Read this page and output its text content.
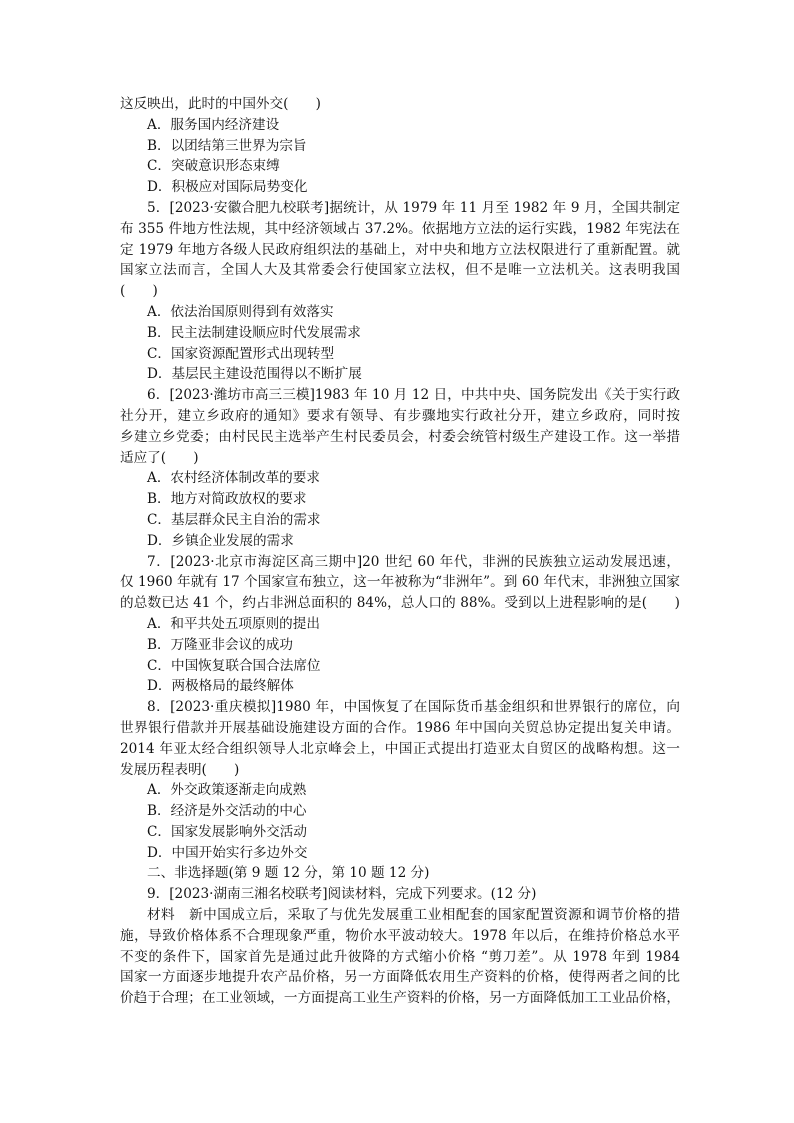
这反映出，此时的中国外交(　　)
A．服务国内经济建设
B．以团结第三世界为宗旨
C．突破意识形态束缚
D．积极应对国际局势变化
5．[2023·安徽合肥九校联考]据统计，从 1979 年 11 月至 1982 年 9 月，全国共制定
布 355 件地方性法规，其中经济领域占 37.2%。依据地方立法的运行实践，1982 年宪法在
定 1979 年地方各级人民政府组织法的基础上，对中央和地方立法权限进行了重新配置。就
国家立法而言，全国人大及其常委会行使国家立法权，但不是唯一立法机关。这表明我国
(　　)
A．依法治国原则得到有效落实
B．民主法制建设顺应时代发展需求
C．国家资源配置形式出现转型
D．基层民主建设范围得以不断扩展
6．[2023·潍坊市高三三模]1983 年 10 月 12 日，中共中央、国务院发出《关于实行政
社分开，建立乡政府的通知》要求有领导、有步骤地实行政社分开，建立乡政府，同时按
乡建立乡党委；由村民民主选举产生村民委员会，村委会统管村级生产建设工作。这一举措
适应了(　　)
A．农村经济体制改革的要求
B．地方对简政放权的要求
C．基层群众民主自治的需求
D．乡镇企业发展的需求
7．[2023·北京市海淀区高三期中]20 世纪 60 年代，非洲的民族独立运动发展迅速，
仅 1960 年就有 17 个国家宣布独立，这一年被称为“非洲年”。到 60 年代末，非洲独立国家
的总数已达 41 个，约占非洲总面积的 84%，总人口的 88%。受到以上进程影响的是(　　)
A．和平共处五项原则的提出
B．万隆亚非会议的成功
C．中国恢复联合国合法席位
D．两极格局的最终解体
8．[2023·重庆模拟]1980 年，中国恢复了在国际货币基金组织和世界银行的席位，向
世界银行借款并开展基础设施建设方面的合作。1986 年中国向关贸总协定提出复关申请。
2014 年亚太经合组织领导人北京峰会上，中国正式提出打造亚太自贸区的战略构想。这一
发展历程表明(　　)
A．外交政策逐渐走向成熟
B．经济是外交活动的中心
C．国家发展影响外交活动
D．中国开始实行多边外交
二、非选择题(第 9 题 12 分，第 10 题 12 分)
9．[2023·湖南三湘名校联考]阅读材料，完成下列要求。(12 分)
材料　新中国成立后，采取了与优先发展重工业相配套的国家配置资源和调节价格的措
施，导致价格体系不合理现象严重，物价水平波动较大。1978 年以后，在维持价格总水平
不变的条件下，国家首先是通过此升彼降的方式缩小价格 “剪刀差”。从 1978 年到 1984
国家一方面逐步地提升农产品价格，另一方面降低农用生产资料的价格，使得两者之间的比
价趋于合理；在工业领域，一方面提高工业生产资料的价格，另一方面降低加工工业品价格，
